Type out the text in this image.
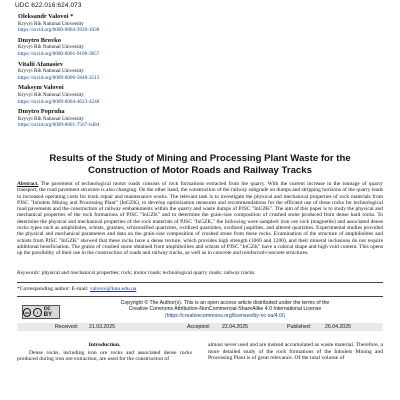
UDC 622.016:624.073
Oleksandr Valovoi *
Kryvyi Rih National University
https://orcid.org/0000-0004-2939-1038
Dmytro Brovko
Kryvyi Rih National University
https://orcid.org/0000-0001-9106-3857
Vitalii Afanasiev
Kryvyi Rih National University
https://orcid.org/0009-0000-5840-3513
Maksym Valovoi
Kryvyi Rih National University
https://orcid.org/0009-0004-4623-4248
Dmytro Popruha
Kryvyi Rih National University
https://orcid.org/0009-0001-7567-6484
Results of the Study of Mining and Processing Plant Waste for the Construction of Motor Roads and Railway Tracks
Abstract. The pavement of technological motor roads consists of rock formations extracted from the quarry. With the current increase in the tonnage of quarry transport, the road pavement structure is also changing. On the other hand, the construction of the railway subgrade on dumps and stripping horizons of the quarry leads to increased operating costs for track repair and maintenance works. The relevant task is to investigate the physical and mechanical properties of rock materials from PJSC "Inhulets Mining and Processing Plant" (InGZK), to develop optimization measures and recommendations for the efficient use of these rocks for technological road pavements and the construction of railway embankments within the quarry and waste dumps of PJSC "InGZK". The aim of this paper is to study the physical and mechanical properties of the rock formations of PJSC "InGZK" and to determine the grain-size composition of crushed stone produced from dense hard rocks. To determine the physical and mechanical properties of the rock materials of PJSC "InGZK," the following were sampled: iron ore rock (magnetite) and associated dense rocks types such as amphiboles, schists, granites, schistosified quartzites, oxidized quartzites, oxidized jaspilites, and altered quartzites. Experimental studies provided the physical and mechanical parameters and data on the grain-size composition of crushed stone from these rocks. Examination of the structure of amphibolites and schists from PJSC "InGZK" showed that these rocks have a dense texture, which provides high strength (1000 and 1200), and their mineral inclusions do not require additional beneficiation. The grains of crushed stone obtained from amphibolites and schists of PJSC "InGZK" have a cubical shape and high void content. This opens up the possibility of their use in the construction of roads and railway tracks, as well as in concrete and reinforced-concrete structures.
Keywords: physical and mechanical properties; rock; motor roads; technological quarry roads; railway tracks.
*Corresponding author: E-mail: valovoi@knu.edu.ua
cc	i cc BY
Copyright © The Author(s). This is an open access article distributed under the terms of the
Creative Commons Attribution-NonCommercial-ShareAlike 4.0 International License
(https://creativecommons.org/licenses/by-nc-sa/4.0/)
Received: 21.03.2025	Accepted: 22.04.2025	Published:	26.04.2025
Introduction.
Dense rocks, including iron ore rocks and associated dense rocks produced during iron ore extraction, are used for the construction of
almost never used and are instead accumulated as waste material. Therefore, a more detailed study of the rock formations of the Inhulets Mining and Processing Plant is of great relevance. Of the total volume of
